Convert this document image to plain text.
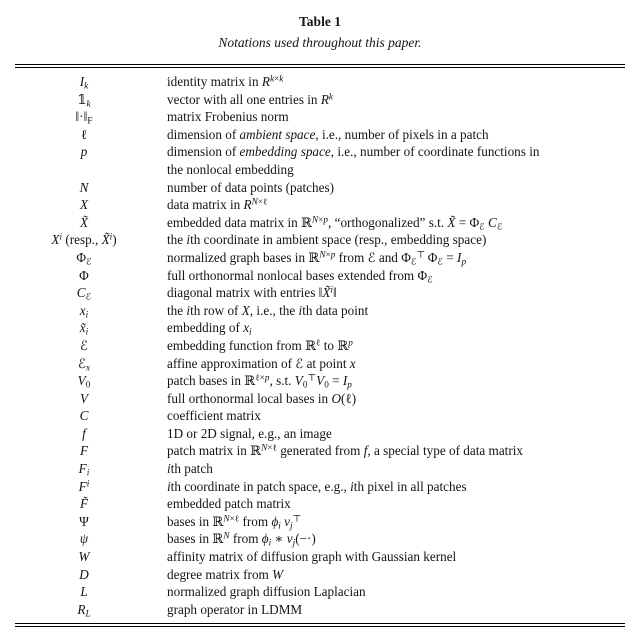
Table 1
Notations used throughout this paper.
$I_k$	identity matrix in $R^{k\times k}$
$𝟙_k$	vector with all one entries in $R^k$
$‖\cdot‖_F$	matrix Frobenius norm
ℓ	dimension of ambient space, i.e., number of pixels in a patch
p	dimension of embedding space, i.e., number of coordinate functions in
the nonlocal embedding
N	number of data points (patches)
X	data matrix in $R^{N\times\ell}$
X̃	embedded data matrix in ℝ$^{N\times p}$, “orthogonalized” s.t. X̃ = $\Phi_ℰ$ $C_ℰ$
$X^i$ (resp., X̃$^i$)	the ith coordinate in ambient space (resp., embedding space)
$\Phi_ℰ$	normalized graph bases in ℝ$^{N\times p}$ from ℰ and $\Phi_ℰ^⊤$ $\Phi_ℰ = I_p$
Φ	full orthonormal nonlocal bases extended from $\Phi_ℰ$
$C_ℰ$	diagonal matrix with entries ‖X̃$^i$‖
$x_i$	the ith row of X, i.e., the ith data point
$x̃_i$	embedding of $x_i$
ℰ	embedding function from ℝ$^\ell$ to ℝ$^p$
ℰ$_x$	affine approximation of ℰ at point x
$V_0$	patch bases in ℝ$^{\ell\times p}$, s.t. $V_0^⊤V_0 = I_p$
V	full orthonormal local bases in O(ℓ)
C	coefficient matrix
f	1D or 2D signal, e.g., an image
F	patch matrix in ℝ$^{N\times\ell}$ generated from f, a special type of data matrix
$F_i$	ith patch
$F^i$	ith coordinate in patch space, e.g., ith pixel in all patches
F̃	embedded patch matrix
Ψ	bases in ℝ$^{N\times\ell}$ from $\phi_i$ $v_j^⊤$
ψ	bases in ℝ$^N$ from $\phi_i$ ∗ $v_j(-\cdot)$
W	affinity matrix of diffusion graph with Gaussian kernel
D	degree matrix from W
L	normalized graph diffusion Laplacian
$R_L$	graph operator in LDMM
